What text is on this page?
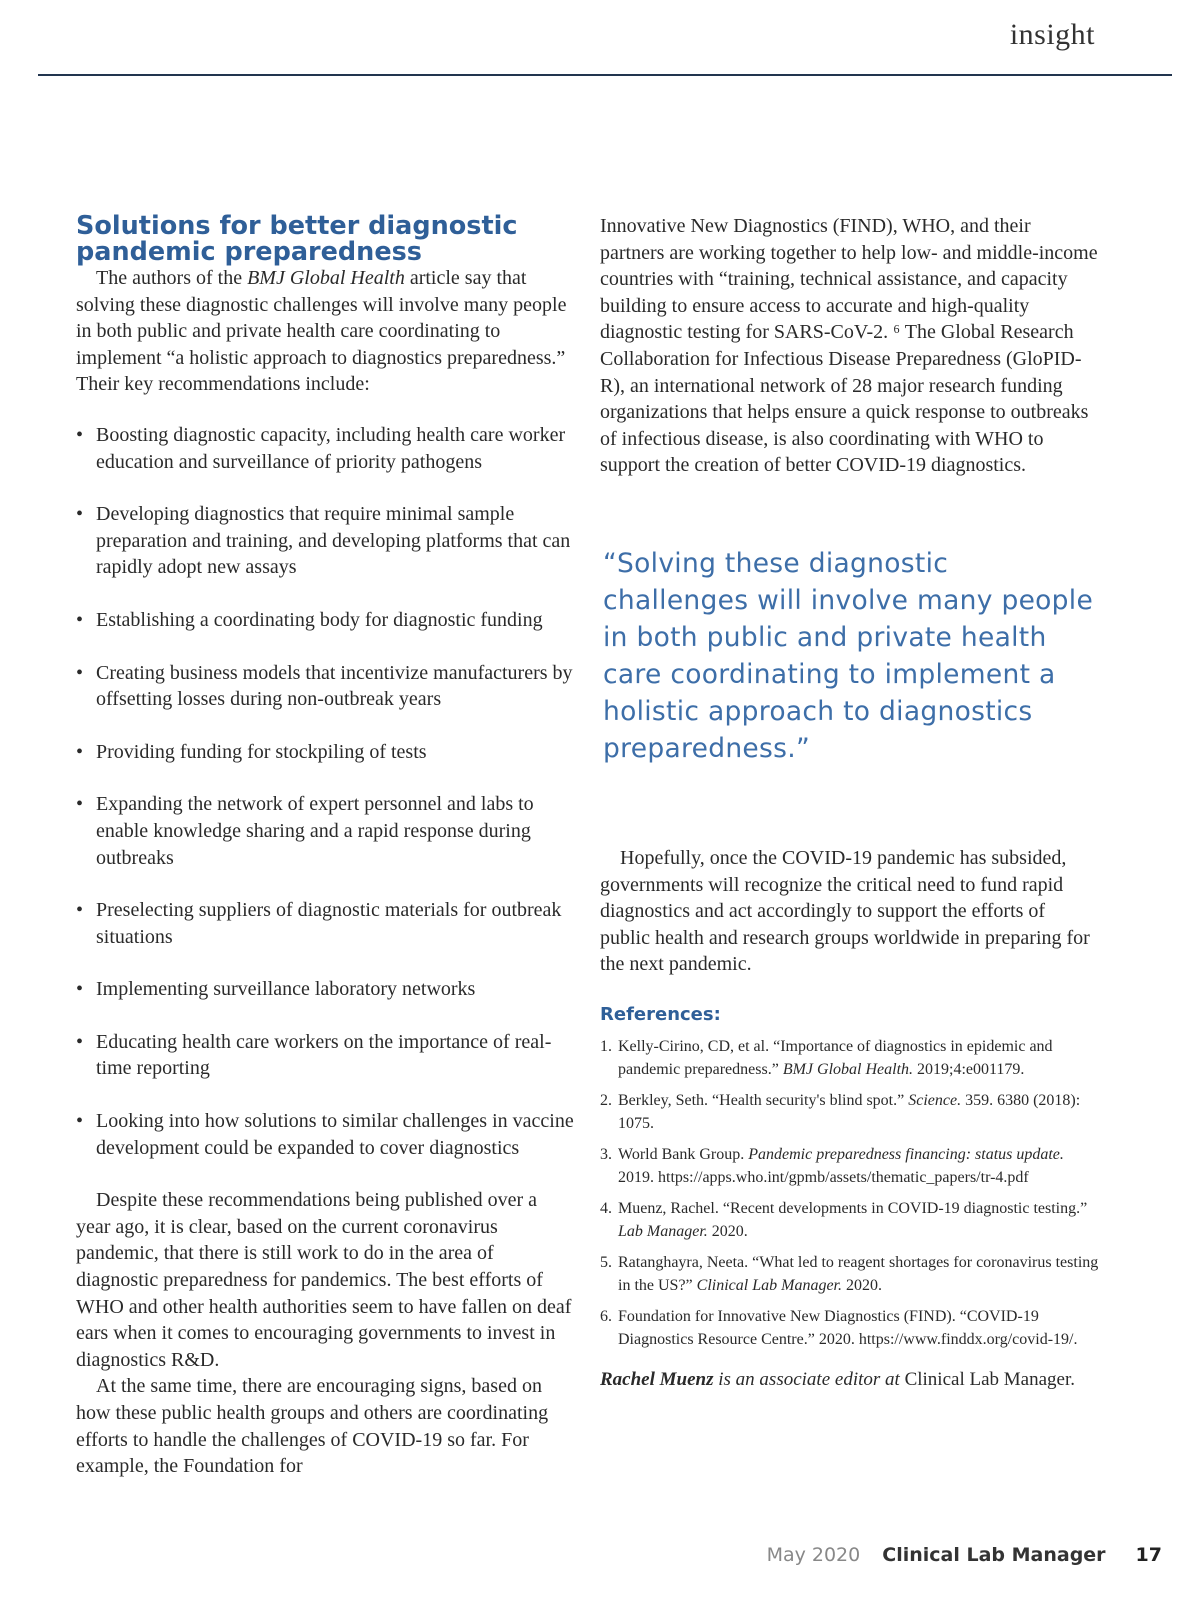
insight
Solutions for better diagnostic
pandemic preparedness

The authors of the BMJ Global Health article say that solving these diagnostic challenges will involve many people in both public and private health care coordinating to implement “a holistic approach to diagnostics preparedness.” Their key recommendations include:

• Boosting diagnostic capacity, including health care worker education and surveillance of priority pathogens
• Developing diagnostics that require minimal sample preparation and training, and developing platforms that can rapidly adopt new assays
• Establishing a coordinating body for diagnostic funding
• Creating business models that incentivize manufacturers by offsetting losses during non-outbreak years
• Providing funding for stockpiling of tests
• Expanding the network of expert personnel and labs to enable knowledge sharing and a rapid response during outbreaks
• Preselecting suppliers of diagnostic materials for outbreak situations
• Implementing surveillance laboratory networks
• Educating health care workers on the importance of real-time reporting
• Looking into how solutions to similar challenges in vaccine development could be expanded to cover diagnostics

Despite these recommendations being published over a year ago, it is clear, based on the current coronavirus pandemic, that there is still work to do in the area of diagnostic preparedness for pandemics. The best efforts of WHO and other health authorities seem to have fallen on deaf ears when it comes to encouraging governments to invest in diagnostics R&D.

At the same time, there are encouraging signs, based on how these public health groups and others are coordinating efforts to handle the challenges of COVID-19 so far. For example, the Foundation for

Innovative New Diagnostics (FIND), WHO, and their partners are working together to help low- and middle-income countries with “training, technical assistance, and capacity building to ensure access to accurate and high-quality diagnostic testing for SARS-CoV-2. ⁶ The Global Research Collaboration for Infectious Disease Preparedness (GloPID-R), an international network of 28 major research funding organizations that helps ensure a quick response to outbreaks of infectious disease, is also coordinating with WHO to support the creation of better COVID-19 diagnostics.

“Solving these diagnostic challenges will involve many people in both public and private health care coordinating to implement a holistic approach to diagnostics preparedness.”

Hopefully, once the COVID-19 pandemic has subsided, governments will recognize the critical need to fund rapid diagnostics and act accordingly to support the efforts of public health and research groups worldwide in preparing for the next pandemic.

References:
1. Kelly-Cirino, CD, et al. “Importance of diagnostics in epidemic and pandemic preparedness.” BMJ Global Health. 2019;4:e001179.
2. Berkley, Seth. “Health security's blind spot.” Science. 359. 6380 (2018): 1075.
3. World Bank Group. Pandemic preparedness financing: status update. 2019. https://apps.who.int/gpmb/assets/thematic_papers/tr-4.pdf
4. Muenz, Rachel. “Recent developments in COVID-19 diagnostic testing.” Lab Manager. 2020.
5. Ratanghayra, Neeta. “What led to reagent shortages for coronavirus testing in the US?” Clinical Lab Manager. 2020.
6. Foundation for Innovative New Diagnostics (FIND). “COVID-19 Diagnostics Resource Centre.” 2020. https://www.finddx.org/covid-19/.

Rachel Muenz is an associate editor at Clinical Lab Manager.

May 2020 Clinical Lab Manager 17
